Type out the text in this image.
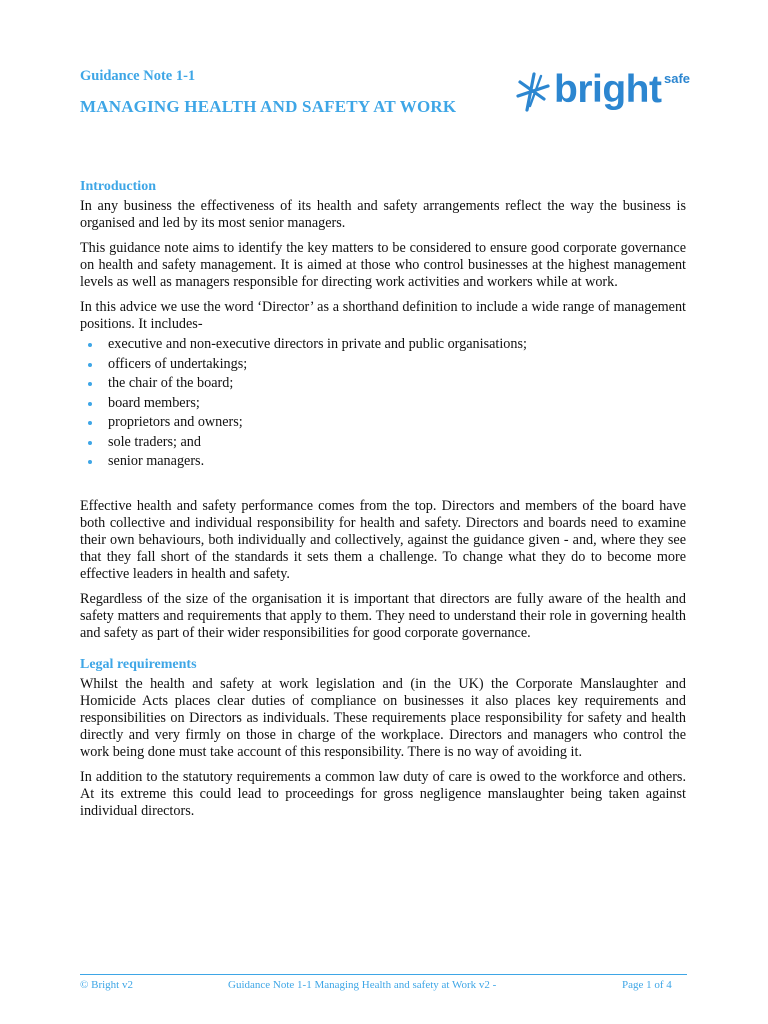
Guidance Note 1-1
MANAGING HEALTH AND SAFETY AT WORK	bright safe
Introduction

In any business the effectiveness of its health and safety arrangements reflect the way the business is organised and led by its most senior managers.

This guidance note aims to identify the key matters to be considered to ensure good corporate governance on health and safety management. It is aimed at those who control businesses at the highest management levels as well as managers responsible for directing work activities and workers while at work.

In this advice we use the word ‘Director’ as a shorthand definition to include a wide range of management positions. It includes-

executive and non-executive directors in private and public organisations;
officers of undertakings;
the chair of the board;
board members;
proprietors and owners;
sole traders; and
senior managers.

Effective health and safety performance comes from the top. Directors and members of the board have both collective and individual responsibility for health and safety. Directors and boards need to examine their own behaviours, both individually and collectively, against the guidance given - and, where they see that they fall short of the standards it sets them a challenge. To change what they do to become more effective leaders in health and safety.

Regardless of the size of the organisation it is important that directors are fully aware of the health and safety matters and requirements that apply to them. They need to understand their role in governing health and safety as part of their wider responsibilities for good corporate governance.

Legal requirements

Whilst the health and safety at work legislation and (in the UK) the Corporate Manslaughter and Homicide Acts places clear duties of compliance on businesses it also places key requirements and responsibilities on Directors as individuals. These requirements place responsibility for safety and health directly and very firmly on those in charge of the workplace. Directors and managers who control the work being done must take account of this responsibility. There is no way of avoiding it.

In addition to the statutory requirements a common law duty of care is owed to the workforce and others. At its extreme this could lead to proceedings for gross negligence manslaughter being taken against individual directors.

© Bright v2	Guidance Note 1-1 Managing Health and safety at Work v2 -	Page 1 of 4
